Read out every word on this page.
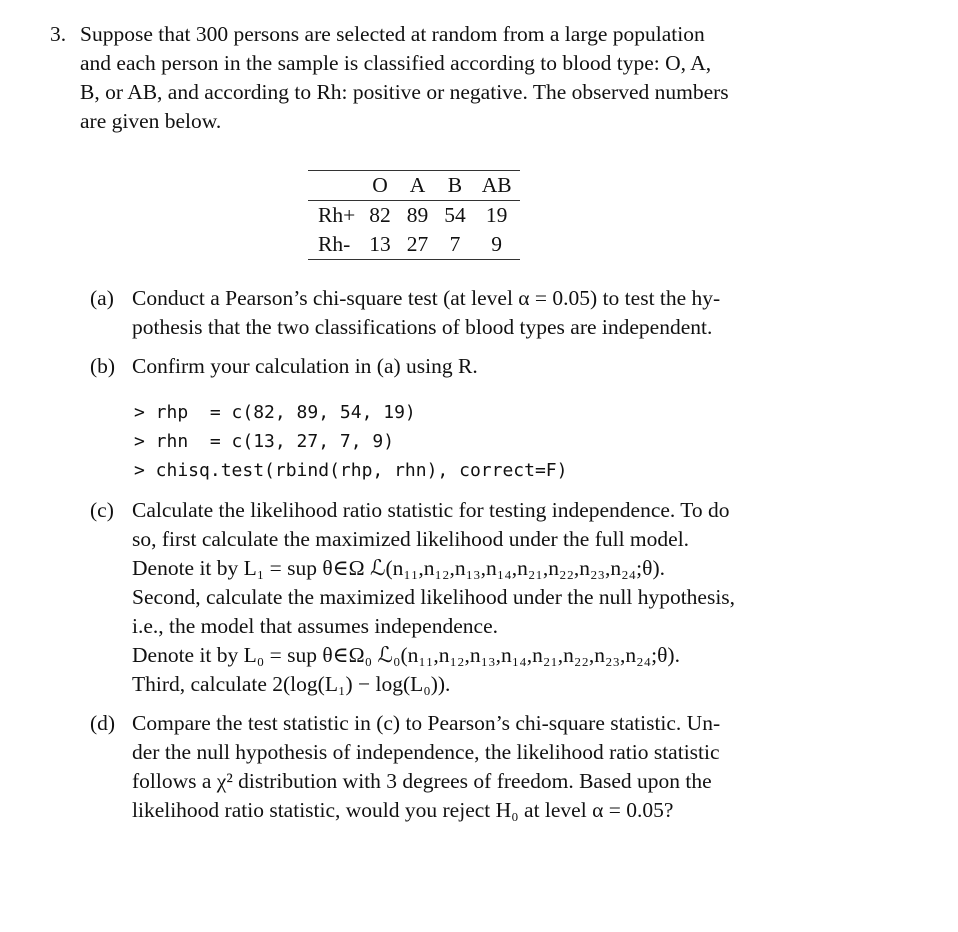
3. Suppose that 300 persons are selected at random from a large population
and each person in the sample is classified according to blood type: O, A,
B, or AB, and according to Rh: positive or negative. The observed numbers
are given below.
	O	A	B	AB
Rh+	82	89	54	19
Rh-	13	27	7	9
(a) Conduct a Pearson’s chi-square test (at level α = 0.05) to test the hy-
pothesis that the two classifications of blood types are independent.
(b) Confirm your calculation in (a) using R.
> rhp  = c(82, 89, 54, 19)
> rhn  = c(13, 27, 7, 9)
> chisq.test(rbind(rhp, rhn), correct=F)
(c) Calculate the likelihood ratio statistic for testing independence. To do
so, first calculate the maximized likelihood under the full model.
Denote it by L₁ = sup θ∈Ω ℒ(n₁₁,n₁₂,n₁₃,n₁₄,n₂₁,n₂₂,n₂₃,n₂₄;θ).
Second, calculate the maximized likelihood under the null hypothesis,
i.e., the model that assumes independence.
Denote it by L₀ = sup θ∈Ω₀ ℒ₀(n₁₁,n₁₂,n₁₃,n₁₄,n₂₁,n₂₂,n₂₃,n₂₄;θ).
Third, calculate 2(log(L₁) − log(L₀)).
(d) Compare the test statistic in (c) to Pearson’s chi-square statistic. Un-
der the null hypothesis of independence, the likelihood ratio statistic
follows a χ² distribution with 3 degrees of freedom. Based upon the
likelihood ratio statistic, would you reject H₀ at level α = 0.05?
